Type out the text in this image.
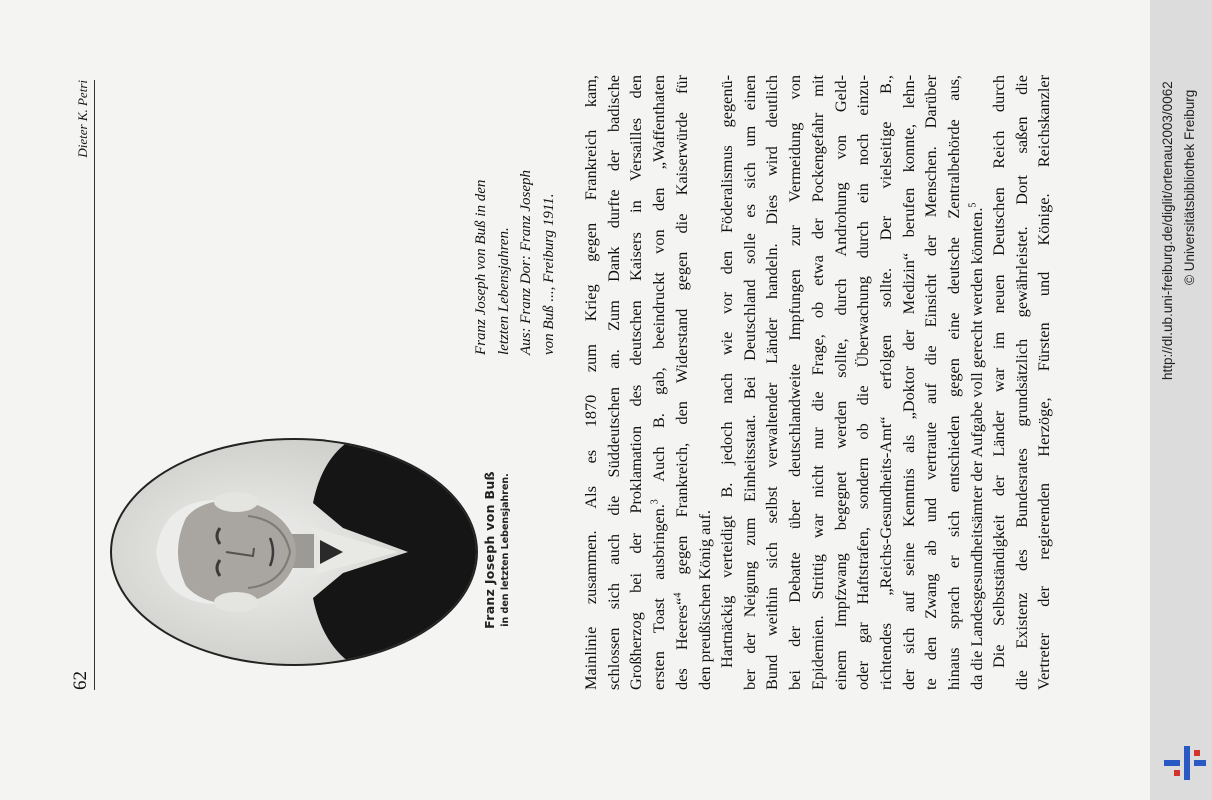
62
Dieter K. Petri
Franz Joseph von Buß in den letzten Lebensjahren.
Franz Joseph von Buß in den letzten Lebensjahren. Aus: Franz Dor: Franz Joseph von Buß ..., Freiburg 1911. Mainlinie zusammen. Als es 1870 zum Krieg gegen Frankreich kam, schlossen sich auch die Süddeutschen an. Zum Dank durfte der badische Großherzog bei der Proklamation des deutschen Kaisers in Versailles den ersten Toast ausbringen.$^3$ Auch B. gab, beeindruckt von den „Waffenthaten
des Heeres“$^4$ gegen Frankreich, den Widerstand gegen die Kaiserwürde für
den preußischen König auf. Hartnäckig verteidigt B. jedoch nach wie vor den Föderalismus gegenü- ber der Neigung zum Einheitsstaat. Bei Deutschland solle es sich um einen Bund weithin sich selbst verwaltender Länder handeln. Dies wird deutlich bei der Debatte über deutschlandweite Impfungen zur Vermeidung von Epidemien. Strittig war nicht nur die Frage, ob etwa der Pockengefahr mit einem Impfzwang begegnet werden sollte, durch Androhung von Geld- oder gar Haftstrafen, sondern ob die Überwachung durch ein noch einzu- richtendes „Reichs-Gesundheits-Amt“ erfolgen sollte. Der vielseitige B., der sich auf seine Kenntnis als „Doktor der Medizin“ berufen konnte, lehn- te den Zwang ab und vertraute auf die Einsicht der Menschen. Darüber hinaus sprach er sich entschieden gegen eine deutsche Zentralbehörde aus, da die Landesgesundheitsämter der Aufgabe voll gerecht werden könnten.$^5$ Die Selbstständigkeit der Länder war im neuen Deutschen Reich durch die Existenz des Bundesrates grundsätzlich gewährleistet. Dort saßen die Vertreter der regierenden Herzöge, Fürsten und Könige. Reichskanzler	http://dl.ub.uni-freiburg.de/diglit/ortenau2003/0062 © Universitätsbibliothek Freiburg
